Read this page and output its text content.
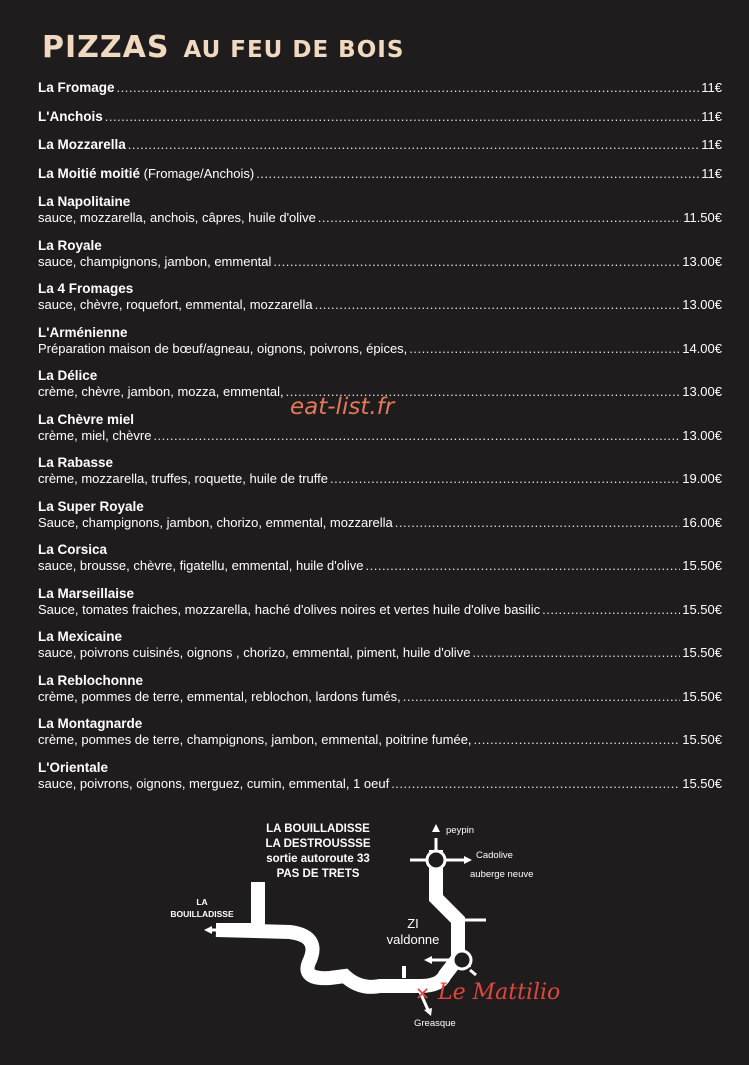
PIZZAS AU FEU DE BOIS
La Fromage .....	11€
L'Anchois .....	11€
La Mozzarella .....	11€
La Moitié moitié (Fromage/Anchois) .....	11€
La Napolitaine
sauce, mozzarella, anchois, câpres, huile d'olive .....	11.50€
La Royale
sauce, champignons, jambon, emmental .....	13.00€
La 4 Fromages
sauce, chèvre, roquefort, emmental, mozzarella .....	13.00€
L'Arménienne
Préparation maison de bœuf/agneau, oignons, poivrons, épices, .....	14.00€
La Délice
crème, chèvre, jambon, mozza, emmental, .....	13.00€
La Chèvre miel
crème, miel, chèvre .....	13.00€
La Rabasse
crème, mozzarella, truffes, roquette, huile de truffe .....	19.00€
La Super Royale
Sauce, champignons, jambon, chorizo, emmental, mozzarella .....	16.00€
La Corsica
sauce, brousse, chèvre, figatellu, emmental, huile d'olive .....	15.50€
La Marseillaise
Sauce, tomates fraiches, mozzarella, haché d'olives noires et vertes huile d'olive basilic .....	15.50€
La Mexicaine
sauce, poivrons cuisinés, oignons , chorizo, emmental, piment, huile d'olive .....	15.50€
La Reblochonne
crème, pommes de terre, emmental, reblochon, lardons fumés, .....	15.50€
La Montagnarde
crème, pommes de terre, champignons, jambon, emmental, poitrine fumée, .....	15.50€
L'Orientale
sauce, poivrons, oignons, merguez, cumin, emmental, 1 oeuf .....	15.50€
eat-list.fr
LA BOUILLADISSE
LA DESTROUSSSE
sortie autoroute 33
PAS DE TRETS
LA
BOUILLADISSE
peypin
Cadolive
auberge neuve
ZI
valdonne
Greasque
✕ Le Mattilio
